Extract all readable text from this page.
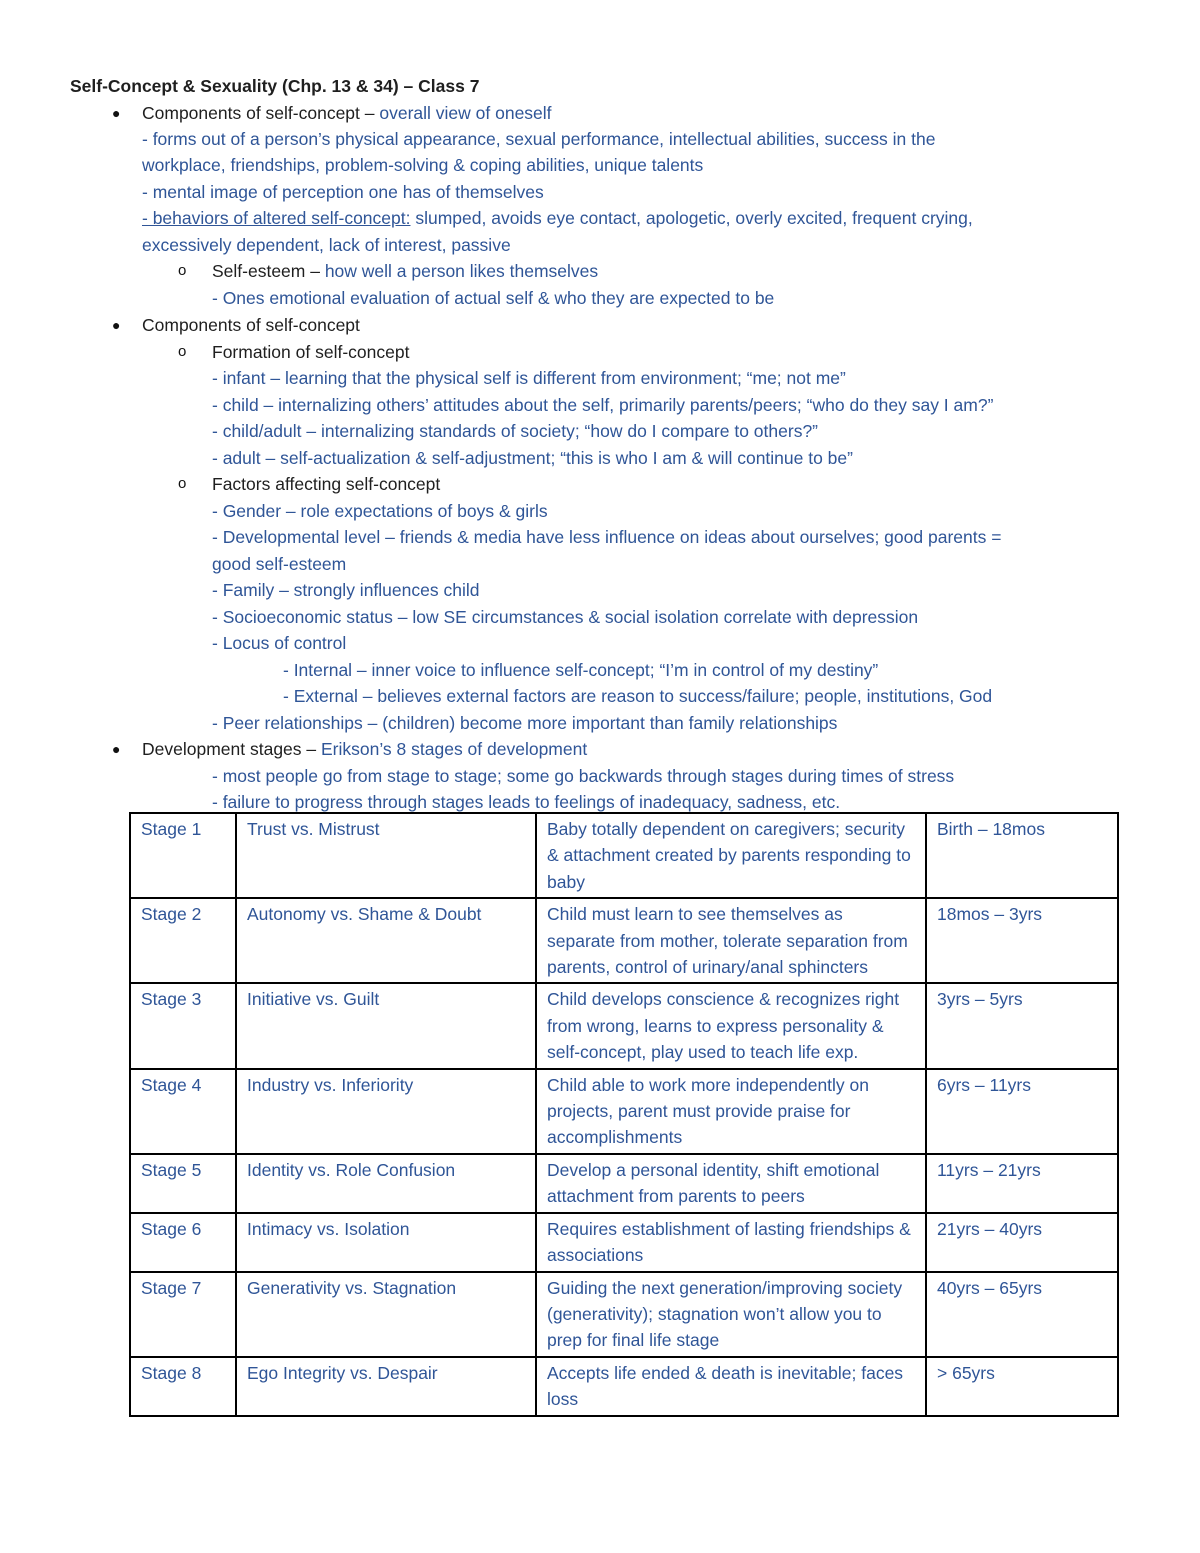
Self-Concept & Sexuality (Chp. 13 & 34) – Class 7
● Components of self-concept – overall view of oneself
- forms out of a person’s physical appearance, sexual performance, intellectual abilities, success in the
workplace, friendships, problem-solving & coping abilities, unique talents
- mental image of perception one has of themselves
- behaviors of altered self-concept: slumped, avoids eye contact, apologetic, overly excited, frequent crying,
excessively dependent, lack of interest, passive
o Self-esteem – how well a person likes themselves
- Ones emotional evaluation of actual self & who they are expected to be
● Components of self-concept
o Formation of self-concept
- infant – learning that the physical self is different from environment; “me; not me”
- child – internalizing others’ attitudes about the self, primarily parents/peers; “who do they say I am?”
- child/adult – internalizing standards of society; “how do I compare to others?”
- adult – self-actualization & self-adjustment; “this is who I am & will continue to be”
o Factors affecting self-concept
- Gender – role expectations of boys & girls
- Developmental level – friends & media have less influence on ideas about ourselves; good parents =
good self-esteem
- Family – strongly influences child
- Socioeconomic status – low SE circumstances & social isolation correlate with depression
- Locus of control
- Internal – inner voice to influence self-concept; “I’m in control of my destiny”
- External – believes external factors are reason to success/failure; people, institutions, God
- Peer relationships – (children) become more important than family relationships
● Development stages – Erikson’s 8 stages of development
- most people go from stage to stage; some go backwards through stages during times of stress
- failure to progress through stages leads to feelings of inadequacy, sadness, etc.
Stage 1	Trust vs. Mistrust	Baby totally dependent on caregivers; security & attachment created by parents responding to baby	Birth – 18mos
Stage 2	Autonomy vs. Shame & Doubt	Child must learn to see themselves as separate from mother, tolerate separation from parents, control of urinary/anal sphincters	18mos – 3yrs
Stage 3	Initiative vs. Guilt	Child develops conscience & recognizes right from wrong, learns to express personality & self-concept, play used to teach life exp.	3yrs – 5yrs
Stage 4	Industry vs. Inferiority	Child able to work more independently on projects, parent must provide praise for accomplishments	6yrs – 11yrs
Stage 5	Identity vs. Role Confusion	Develop a personal identity, shift emotional attachment from parents to peers	11yrs – 21yrs
Stage 6	Intimacy vs. Isolation	Requires establishment of lasting friendships & associations	21yrs – 40yrs
Stage 7	Generativity vs. Stagnation	Guiding the next generation/improving society (generativity); stagnation won’t allow you to prep for final life stage	40yrs – 65yrs
Stage 8	Ego Integrity vs. Despair	Accepts life ended & death is inevitable; faces loss	> 65yrs
